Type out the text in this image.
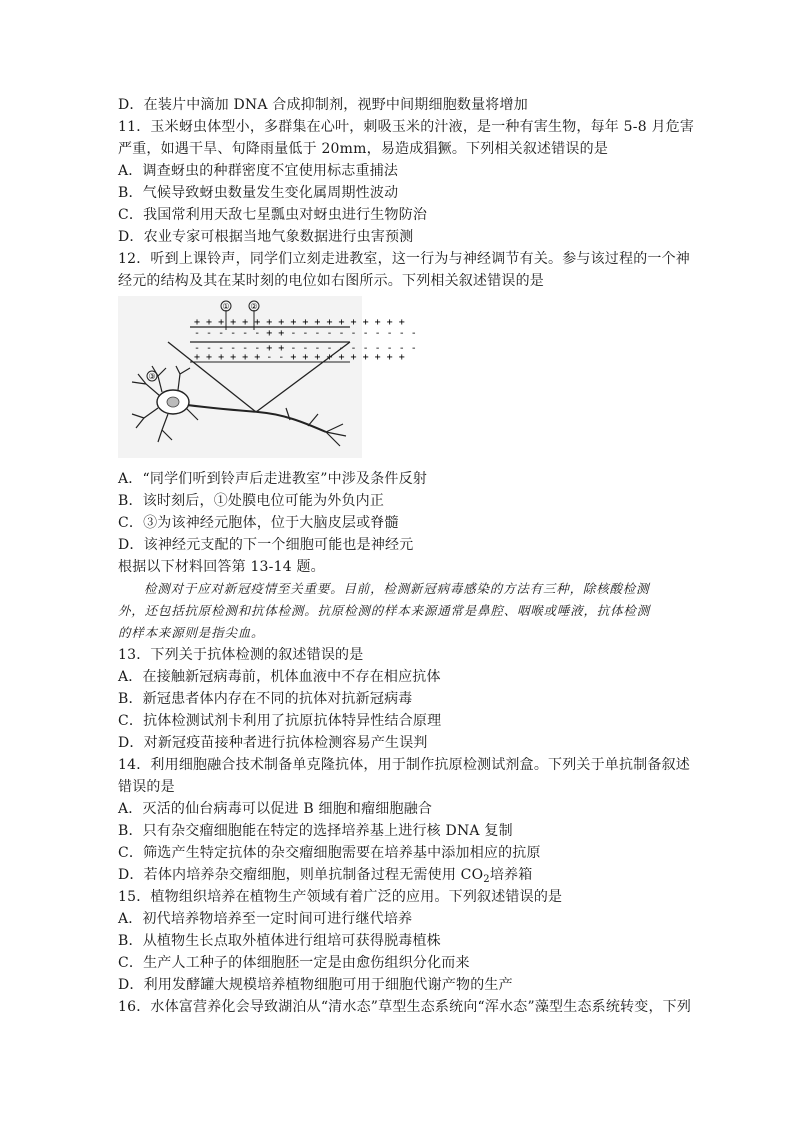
D．在装片中滴加 DNA 合成抑制剂，视野中间期细胞数量将增加
11．玉米蚜虫体型小，多群集在心叶，刺吸玉米的汁液，是一种有害生物，每年 5-8 月危害
严重，如遇干旱、旬降雨量低于 20mm，易造成猖獗。下列相关叙述错误的是
A．调查蚜虫的种群密度不宜使用标志重捕法
B．气候导致蚜虫数量发生变化属周期性波动
C．我国常利用天敌七星瓢虫对蚜虫进行生物防治
D．农业专家可根据当地气象数据进行虫害预测
12．听到上课铃声，同学们立刻走进教室，这一行为与神经调节有关。参与该过程的一个神
经元的结构及其在某时刻的电位如右图所示。下列相关叙述错误的是
①	②
+ + + + + + + + + + + + + + + + + +
- - - - - - + + - - - - - - - - - - -
- - - - - - + + - - - - - - - - - - -
+ + + + + + - - + + + + + + + + + +
③
A．“同学们听到铃声后走进教室”中涉及条件反射
B．该时刻后，①处膜电位可能为外负内正
C．③为该神经元胞体，位于大脑皮层或脊髓
D．该神经元支配的下一个细胞可能也是神经元
根据以下材料回答第 13-14 题。
检测对于应对新冠疫情至关重要。目前，检测新冠病毒感染的方法有三种，除核酸检测
外，还包括抗原检测和抗体检测。抗原检测的样本来源通常是鼻腔、咽喉或唾液，抗体检测
的样本来源则是指尖血。
13．下列关于抗体检测的叙述错误的是
A．在接触新冠病毒前，机体血液中不存在相应抗体
B．新冠患者体内存在不同的抗体对抗新冠病毒
C．抗体检测试剂卡利用了抗原抗体特异性结合原理
D．对新冠疫苗接种者进行抗体检测容易产生误判
14．利用细胞融合技术制备单克隆抗体，用于制作抗原检测试剂盒。下列关于单抗制备叙述
错误的是
A．灭活的仙台病毒可以促进 B 细胞和瘤细胞融合
B．只有杂交瘤细胞能在特定的选择培养基上进行核 DNA 复制
C．筛选产生特定抗体的杂交瘤细胞需要在培养基中添加相应的抗原
D．若体内培养杂交瘤细胞，则单抗制备过程无需使用 $CO_2$培养箱
15．植物组织培养在植物生产领域有着广泛的应用。下列叙述错误的是
A．初代培养物培养至一定时间可进行继代培养
B．从植物生长点取外植体进行组培可获得脱毒植株
C．生产人工种子的体细胞胚一定是由愈伤组织分化而来
D．利用发酵罐大规模培养植物细胞可用于细胞代谢产物的生产
16．水体富营养化会导致湖泊从“清水态”草型生态系统向“浑水态”藻型生态系统转变，下列
